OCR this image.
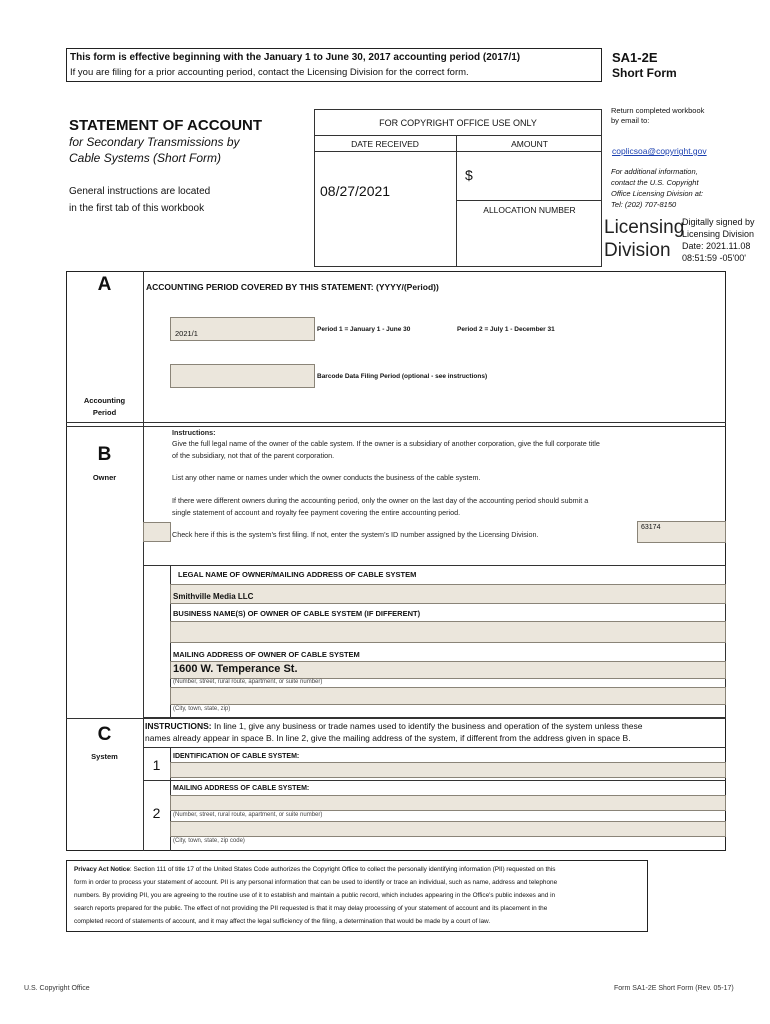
This form is effective beginning with the January 1 to June 30, 2017 accounting period (2017/1)
If you are filing for a prior accounting period, contact the Licensing Division for the correct form.
SA1-2E
Short Form
STATEMENT OF ACCOUNT
for Secondary Transmissions by
Cable Systems (Short Form)
General instructions are located
in the first tab of this workbook
FOR COPYRIGHT OFFICE USE ONLY
DATE RECEIVED	AMOUNT
08/27/2021
$
ALLOCATION NUMBER
Return completed workbook
by email to:
coplicsoa@copyright.gov
For additional information,
contact the U.S. Copyright
Office Licensing Division at:
Tel: (202) 707-8150
Licensing
Division
Digitally signed by
Licensing Division
Date: 2021.11.08
08:51:59 -05'00'
A	ACCOUNTING PERIOD COVERED BY THIS STATEMENT: (YYYY/(Period))
2021/1	Period 1 = January 1 - June 30	Period 2 = July 1 - December 31
Barcode Data Filing Period (optional - see instructions)
Accounting
Period
B
Owner
Instructions:
Give the full legal name of the owner of the cable system. If the owner is a subsidiary of another corporation, give the full corporate title
of the subsidiary, not that of the parent corporation.
List any other name or names under which the owner conducts the business of the cable system.
If there were different owners during the accounting period, only the owner on the last day of the accounting period should submit a
single statement of account and royalty fee payment covering the entire accounting period.
Check here if this is the system’s first filing. If not, enter the system’s ID number assigned by the Licensing Division.
63174
LEGAL NAME OF OWNER/MAILING ADDRESS OF CABLE SYSTEM
Smithville Media LLC
BUSINESS NAME(S) OF OWNER OF CABLE SYSTEM (IF DIFFERENT)
MAILING ADDRESS OF OWNER OF CABLE SYSTEM
1600 W. Temperance St.
(Number, street, rural route, apartment, or suite number)
(City, town, state, zip)
C
System
INSTRUCTIONS: In line 1, give any business or trade names used to identify the business and operation of the system unless these
names already appear in space B. In line 2, give the mailing address of the system, if different from the address given in space B.
1
IDENTIFICATION OF CABLE SYSTEM:
2
MAILING ADDRESS OF CABLE SYSTEM:
(Number, street, rural route, apartment, or suite number)
(City, town, state, zip code)
Privacy Act Notice: Section 111 of title 17 of the United States Code authorizes the Copyright Office to collect the personally identifying information (PII) requested on this
form in order to process your statement of account. PII is any personal information that can be used to identify or trace an individual, such as name, address and telephone
numbers. By providing PII, you are agreeing to the routine use of it to establish and maintain a public record, which includes appearing in the Office's public indexes and in
search reports prepared for the public. The effect of not providing the PII requested is that it may delay processing of your statement of account and its placement in the
completed record of statements of account, and it may affect the legal sufficiency of the filing, a determination that would be made by a court of law.
U.S. Copyright Office	Form SA1-2E Short Form (Rev. 05-17)
